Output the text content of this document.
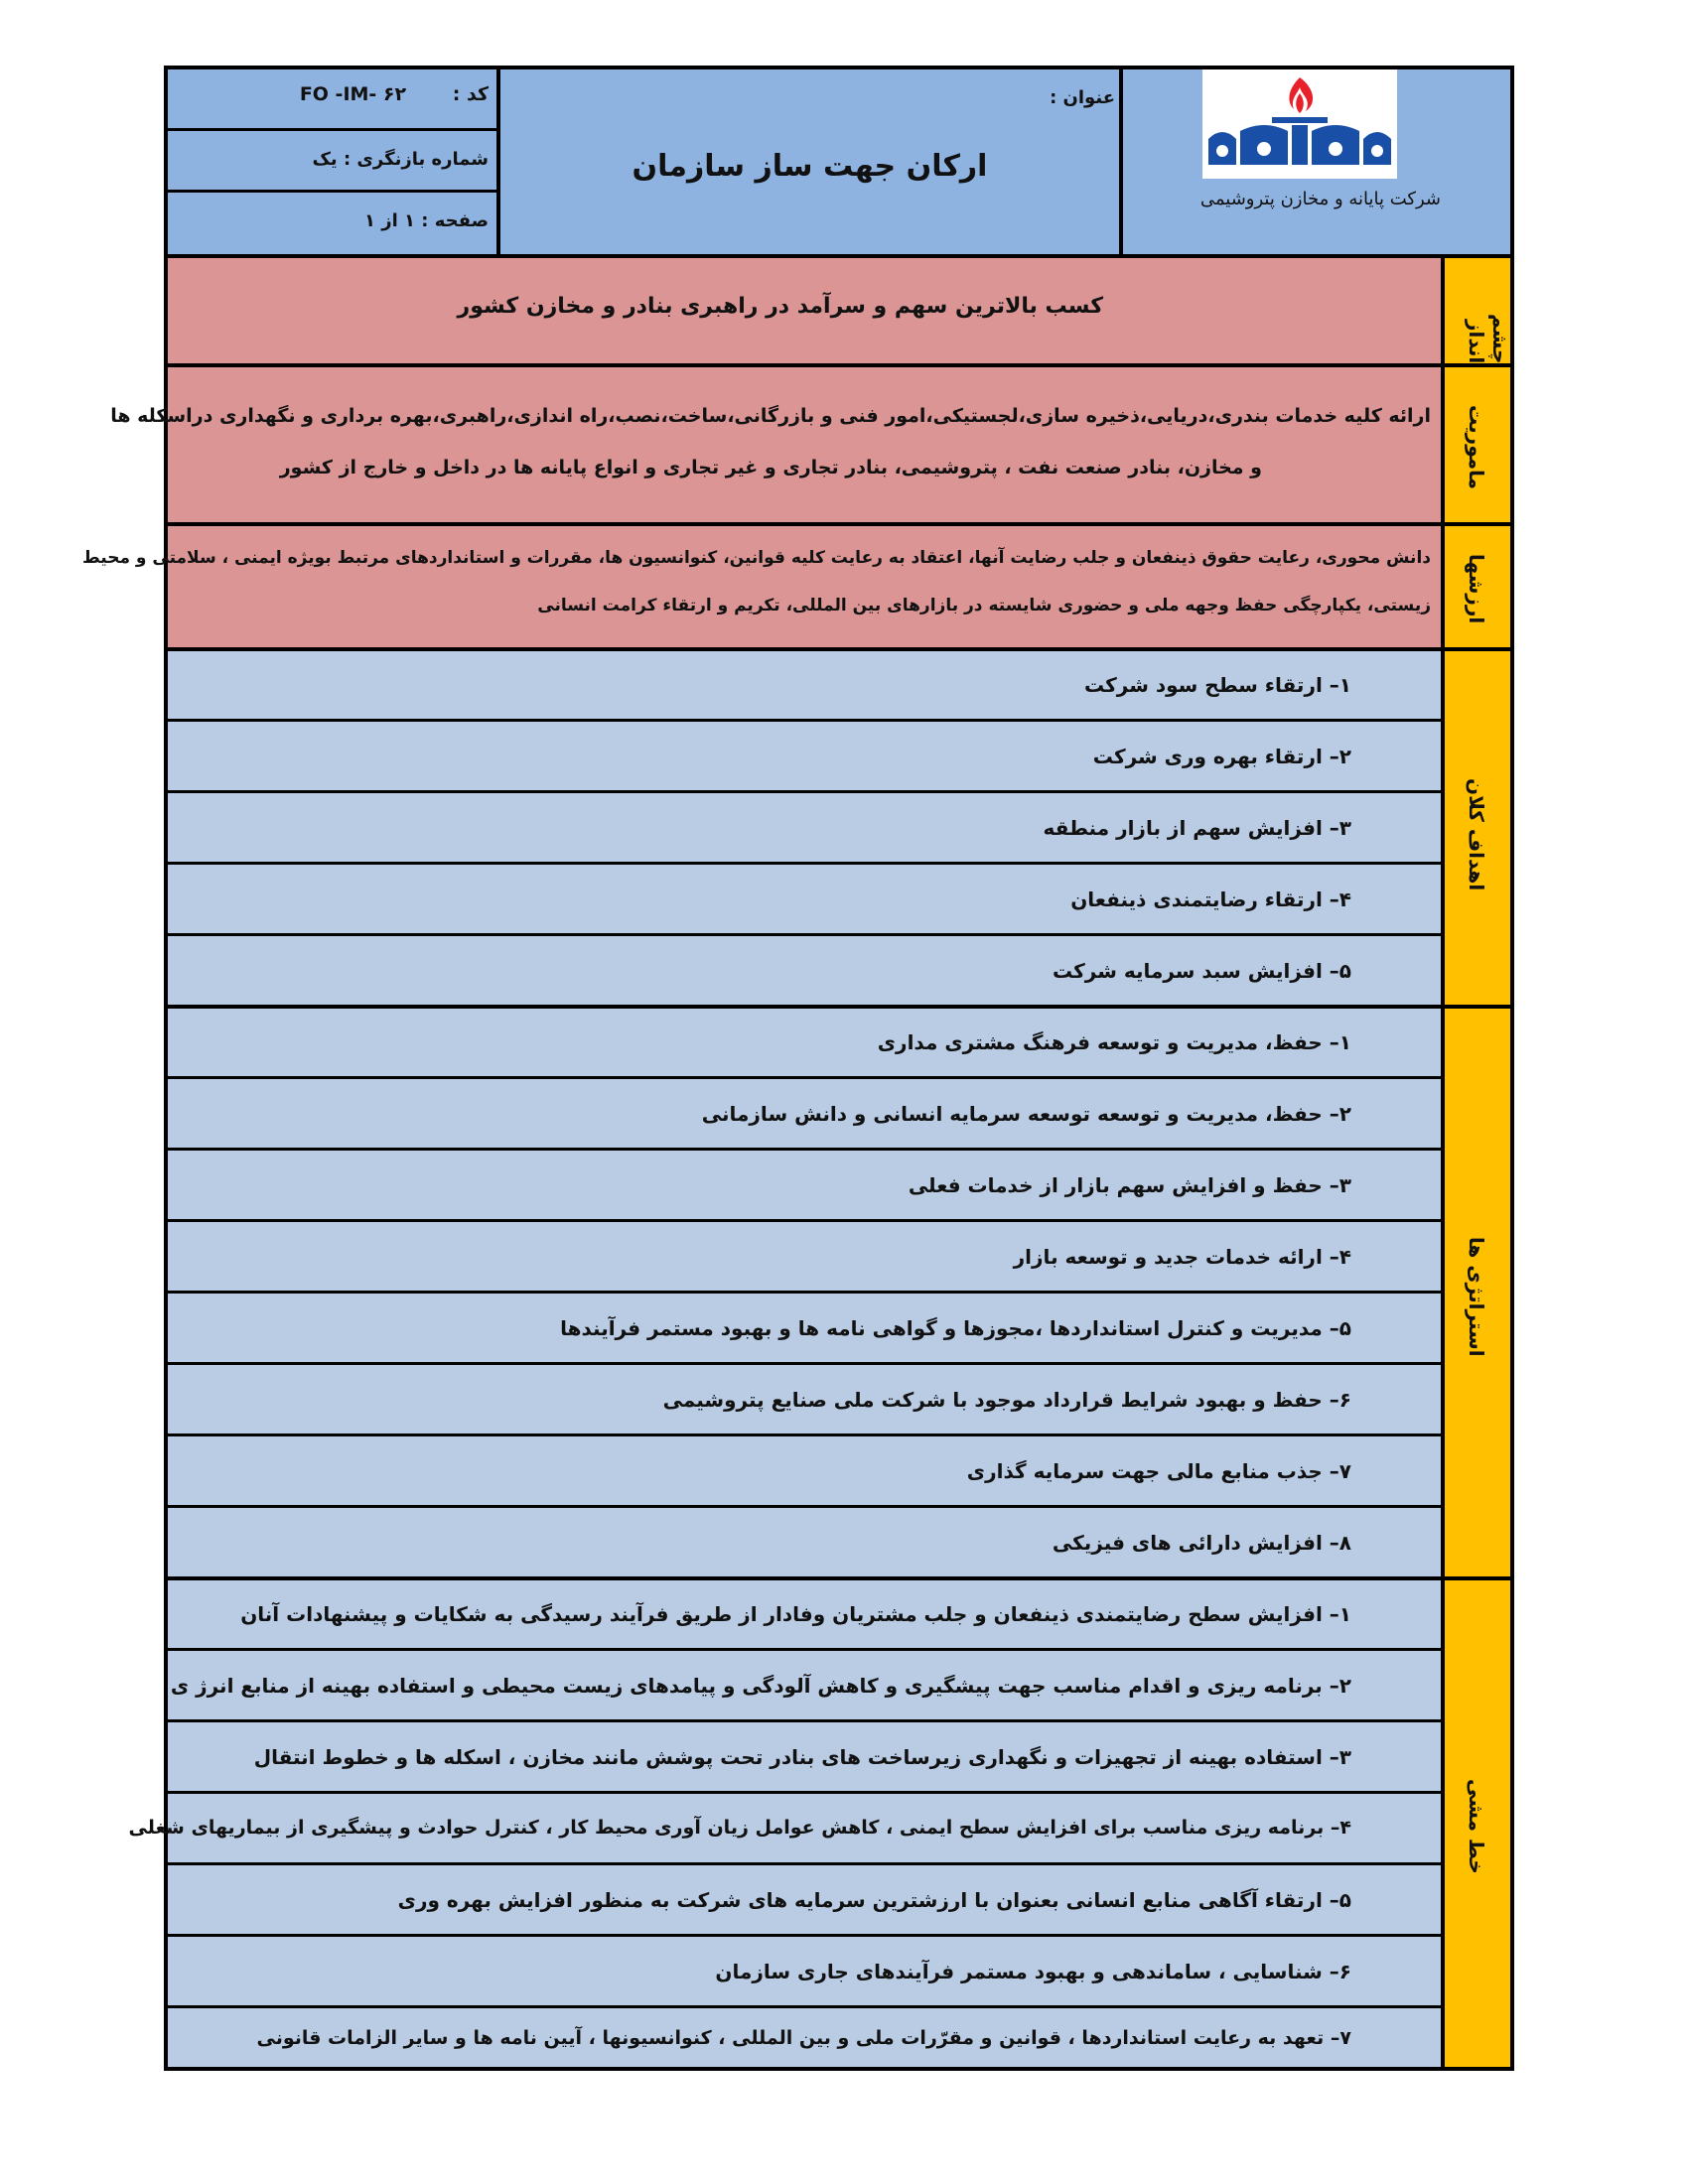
کد : FO -IM- ۶۲
شماره بازنگری : یک
صفحه : ۱ از ۱
عنوان :
ارکان جهت ساز سازمان
شرکت پایانه و مخازن پتروشیمی
کسب بالاترین سهم و سرآمد در راهبری بنادر و مخازن کشور
چشم انداز
ارائه کلیه خدمات بندری،دریایی،ذخیره سازی،لجستیکی،امور فنی و بازرگانی،ساخت،نصب،راه اندازی،راهبری،بهره برداری و نگهداری دراسکله ها
و مخازن، بنادر صنعت نفت ، پتروشیمی، بنادر تجاری و غیر تجاری و انواع پایانه ها در داخل و خارج از کشور	ماموریت
دانش محوری، رعایت حقوق ذینفعان و جلب رضایت آنها، اعتقاد به رعایت کلیه قوانین، کنوانسیون ها، مقررات و استانداردهای مرتبط بویژه ایمنی ، سلامتی و محیط
زیستی، یکپارچگی حفظ وجهه ملی و حضوری شایسته در بازارهای بین المللی، تکریم و ارتقاء کرامت انسانی ارزشها
۱– ارتقاء سطح سود شرکت
۲– ارتقاء بهره وری شرکت
۳– افزایش سهم از بازار منطقه
۴– ارتقاء رضایتمندی ذینفعان
۵– افزایش سبد سرمایه شرکت
اهداف کلان
۱– حفظ، مدیریت و توسعه فرهنگ مشتری مداری
۲– حفظ، مدیریت و توسعه توسعه سرمایه انسانی و دانش سازمانی
۳– حفظ و افزایش سهم بازار از خدمات فعلی
۴– ارائه خدمات جدید و توسعه بازار
۵– مدیریت و کنترل استانداردها ،مجوزها و گواهی نامه ها و بهبود مستمر فرآیندها
۶– حفظ و بهبود شرایط قرارداد موجود با شرکت ملی صنایع پتروشیمی
۷– جذب منابع مالی جهت سرمایه گذاری
۸– افزایش دارائی های فیزیکی
استراتژی ها
۱– افزایش سطح رضایتمندی ذینفعان و جلب مشتریان وفادار از طریق فرآیند رسیدگی به شکایات و پیشنهادات آنان
۲– برنامه ریزی و اقدام مناسب جهت پیشگیری و کاهش آلودگی و پیامدهای زیست محیطی و استفاده بهینه از منابع انرژ ی
۳– استفاده بهینه از تجهیزات و نگهداری زیرساخت های بنادر تحت پوشش مانند مخازن ، اسکله ها و خطوط انتقال
۴– برنامه ریزی مناسب برای افزایش سطح ایمنی ، کاهش عوامل زیان آوری محیط کار ، کنترل حوادث و پیشگیری از بیماریهای شغلی
۵– ارتقاء آگاهی منابع انسانی بعنوان با ارزشترین سرمایه های شرکت به منظور افزایش بهره وری
۶– شناسایی ، ساماندهی و بهبود مستمر فرآیندهای جاری سازمان
۷– تعهد به رعایت استانداردها ، قوانین و مقرّرات ملی و بین المللی ، کنوانسیونها ، آیین نامه ها و سایر الزامات قانونی
خط مشی
